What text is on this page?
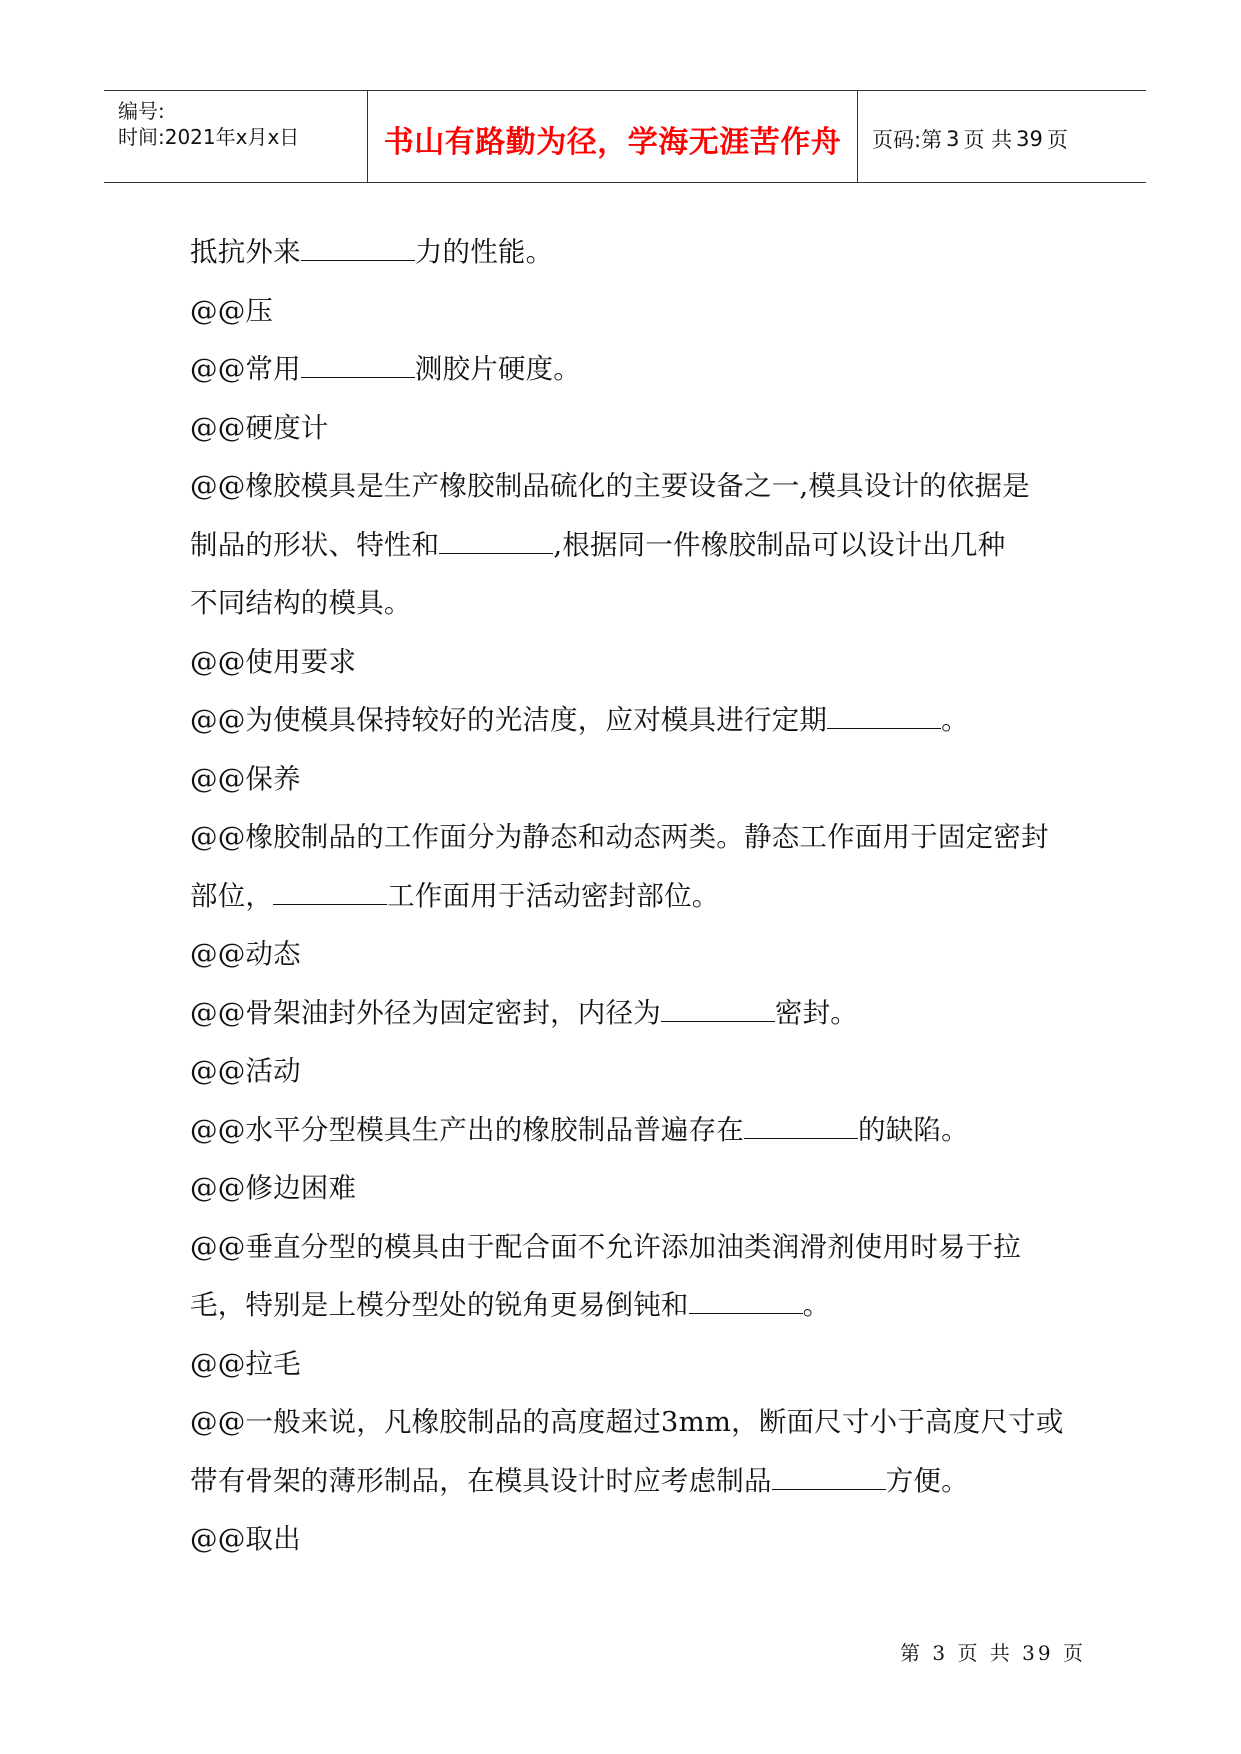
编号:
时间:2021年x月x日	书山有路勤为径，学海无涯苦作舟 页码:第 3 页 共 39 页

抵抗外来	力的性能。

@@压

@@常用	测胶片硬度。

@@硬度计

@@橡胶模具是生产橡胶制品硫化的主要设备之一,模具设计的依据是

制品的形状、特性和	,根据同一件橡胶制品可以设计出几种

不同结构的模具。

@@使用要求

@@为使模具保持较好的光洁度，应对模具进行定期	。

@@保养

@@橡胶制品的工作面分为静态和动态两类。静态工作面用于固定密封

部位，	工作面用于活动密封部位。

@@动态

@@骨架油封外径为固定密封，内径为	密封。

@@活动

@@水平分型模具生产出的橡胶制品普遍存在	的缺陷。

@@修边困难

@@垂直分型的模具由于配合面不允许添加油类润滑剂使用时易于拉

毛，特别是上模分型处的锐角更易倒钝和	。

@@拉毛

@@一般来说，凡橡胶制品的高度超过3mm，断面尺寸小于高度尺寸或

带有骨架的薄形制品，在模具设计时应考虑制品	方便。

@@取出

第 3 页 共 39 页
